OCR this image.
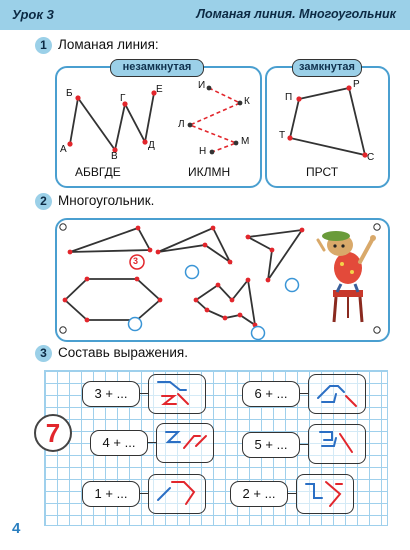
Урок 3	Ломаная линия. Многоугольник
1 Ломаная линия:
незамкнутая	замкнутая
А
Б
В
Г
Д
Е	И
К
Л
М
Н
П
Р
С
Т
АБВГДЕ	ИКЛМН	ПРСТ
2 Многоугольник.
3
3 Составь выражения.
7
3 + ...	6 + ...
4 + ...	5 + ...
1 + ...	2 + ...
4
